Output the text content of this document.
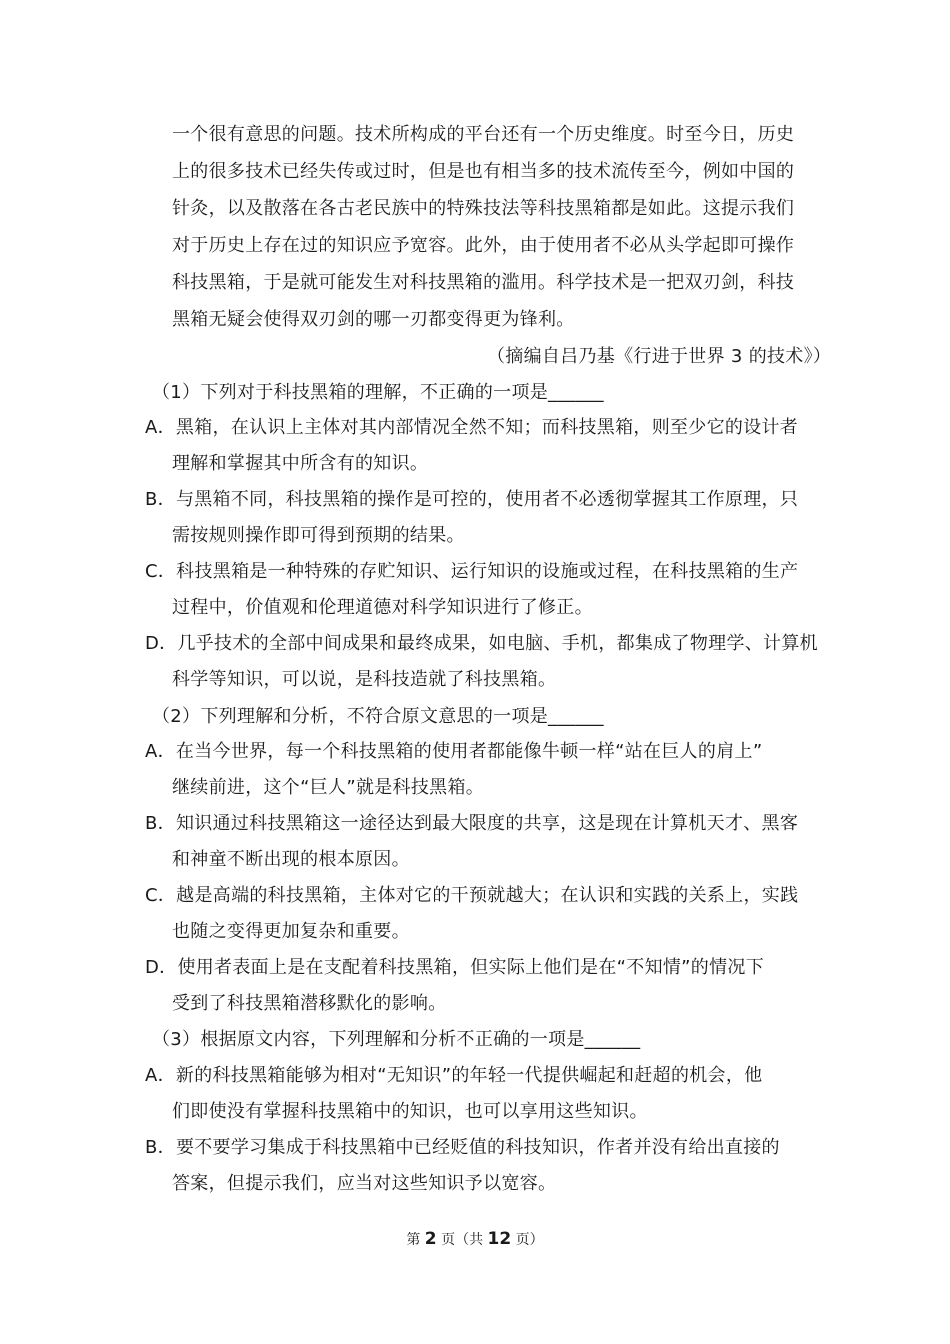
一个很有意思的问题。技术所构成的平台还有一个历史维度。时至今日，历史
上的很多技术已经失传或过时，但是也有相当多的技术流传至今，例如中国的
针灸，以及散落在各古老民族中的特殊技法等科技黑箱都是如此。这提示我们
对于历史上存在过的知识应予宽容。此外，由于使用者不必从头学起即可操作
科技黑箱，于是就可能发生对科技黑箱的滥用。科学技术是一把双刃剑，科技
黑箱无疑会使得双刃剑的哪一刃都变得更为锋利。
（摘编自吕乃基《行进于世界 3 的技术》）
（1）下列对于科技黑箱的理解，不正确的一项是______
A．黑箱，在认识上主体对其内部情况全然不知；而科技黑箱，则至少它的设计者
理解和掌握其中所含有的知识。
B．与黑箱不同，科技黑箱的操作是可控的，使用者不必透彻掌握其工作原理，只
需按规则操作即可得到预期的结果。
C．科技黑箱是一种特殊的存贮知识、运行知识的设施或过程，在科技黑箱的生产
过程中，价值观和伦理道德对科学知识进行了修正。
D．几乎技术的全部中间成果和最终成果，如电脑、手机，都集成了物理学、计算机
科学等知识，可以说，是科技造就了科技黑箱。
（2）下列理解和分析，不符合原文意思的一项是______
A．在当今世界，每一个科技黑箱的使用者都能像牛顿一样“站在巨人的肩上”
继续前进，这个“巨人”就是科技黑箱。
B．知识通过科技黑箱这一途径达到最大限度的共享，这是现在计算机天才、黑客
和神童不断出现的根本原因。
C．越是高端的科技黑箱，主体对它的干预就越大；在认识和实践的关系上，实践
也随之变得更加复杂和重要。
D．使用者表面上是在支配着科技黑箱，但实际上他们是在“不知情”的情况下
受到了科技黑箱潜移默化的影响。
（3）根据原文内容，下列理解和分析不正确的一项是______
A．新的科技黑箱能够为相对“无知识”的年轻一代提供崛起和赶超的机会，他
们即使没有掌握科技黑箱中的知识，也可以享用这些知识。
B．要不要学习集成于科技黑箱中已经贬值的科技知识，作者并没有给出直接的
答案，但提示我们，应当对这些知识予以宽容。
第 2 页（共 12 页）
